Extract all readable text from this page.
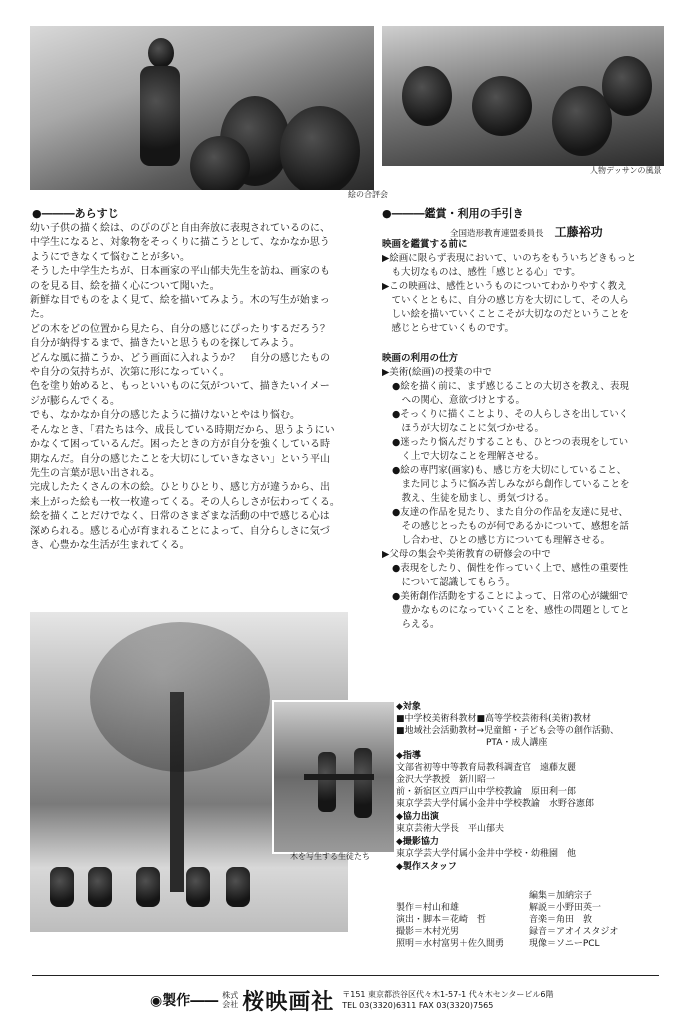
絵の合評会
人物デッサンの風景
●―――あらすじ
幼い子供の描く絵は、のびのびと自由奔放に表現されているのに、
中学生になると、対象物をそっくりに描こうとして、なかなか思う
ようにできなくて悩むことが多い。
そうした中学生たちが、日本画家の平山郁夫先生を訪ね、画家のも
のを見る目、絵を描く心について聞いた。
新鮮な目でものをよく見て、絵を描いてみよう。木の写生が始まっ
た。
どの木をどの位置から見たら、自分の感じにぴったりするだろう？
自分が納得するまで、描きたいと思うものを探してみよう。
どんな風に描こうか、どう画面に入れようか？　自分の感じたもの
や自分の気持ちが、次第に形になっていく。
色を塗り始めると、もっといいものに気がついて、描きたいイメー
ジが膨らんでくる。
でも、なかなか自分の感じたように描けないとやはり悩む。
そんなとき、「君たちは今、成長している時期だから、思うようにい
かなくて困っているんだ。困ったときの方が自分を強くしている時
期なんだ。自分の感じたことを大切にしていきなさい」という平山
先生の言葉が思い出される。
完成したたくさんの木の絵。ひとりひとり、感じ方が違うから、出
来上がった絵も一枚一枚違ってくる。その人らしさが伝わってくる。
絵を描くことだけでなく、日常のさまざまな活動の中で感じる心は
深められる。感じる心が育まれることによって、自分らしさに気づ
き、心豊かな生活が生まれてくる。
●―――鑑賞・利用の手引き
全国造形教育連盟委員長 工藤裕功
映画を鑑賞する前に
▶絵画に限らず表現において、いのちをもういちどきもっと
　も大切なものは、感性「感じとる心」です。
▶この映画は、感性というものについてわかりやすく教え
　ていくとともに、自分の感じ方を大切にして、その人ら
　しい絵を描いていくことこそが大切なのだということを
　感じとらせていくものです。
映画の利用の仕方
▶美術(絵画)の授業の中で
●絵を描く前に、まず感じることの大切さを教え、表現
　への関心、意欲づけとする。
●そっくりに描くことより、その人らしさを出していく
　ほうが大切なことに気づかせる。
●迷ったり悩んだりすることも、ひとつの表現をしてい
　く上で大切なことを理解させる。
●絵の専門家(画家)も、感じ方を大切にしていること、
　また同じように悩み苦しみながら創作していることを
　教え、生徒を励まし、勇気づける。
●友達の作品を見たり、また自分の作品を友達に見せ、
　その感じとったものが何であるかについて、感想を話
　し合わせ、ひとの感じ方についても理解させる。
▶父母の集会や美術教育の研修会の中で
●表現をしたり、個性を作っていく上で、感性の重要性
　について認識してもらう。
●美術創作活動をすることによって、日常の心が繊細で
　豊かなものになっていくことを、感性の問題としてと
　らえる。
木を写生する生徒たち
◆対象
■中学校美術科教材■高等学校芸術科(美術)教材
■地域社会活動教材→児童館・子ども会等の創作活動、
　　　　　　　　　　PTA・成人講座
◆指導
文部省初等中等教育局教科調査官　遠藤友麗
金沢大学教授　新川昭一
前・新宿区立西戸山中学校教諭　原田利一郎
東京学芸大学付属小金井中学校教諭　水野谷憲郎
◆協力出演
東京芸術大学長　平山郁夫
◆撮影協力
東京学芸大学付属小金井中学校・幼稚園　他
◆製作スタッフ
編集＝加納宗子
製作＝村山和雄	解説＝小野田英一
演出・脚本＝花崎　哲	音楽＝角田　敦
撮影＝木村光男	録音＝アオイスタジオ
照明＝水村富男＋佐久間勇	現像＝ソニーPCL
◉製作―― 株式
会社 桜映画社 〒151 東京都渋谷区代々木1-57-1 代々木センタービル6階
TEL 03(3320)6311 FAX 03(3320)7565
